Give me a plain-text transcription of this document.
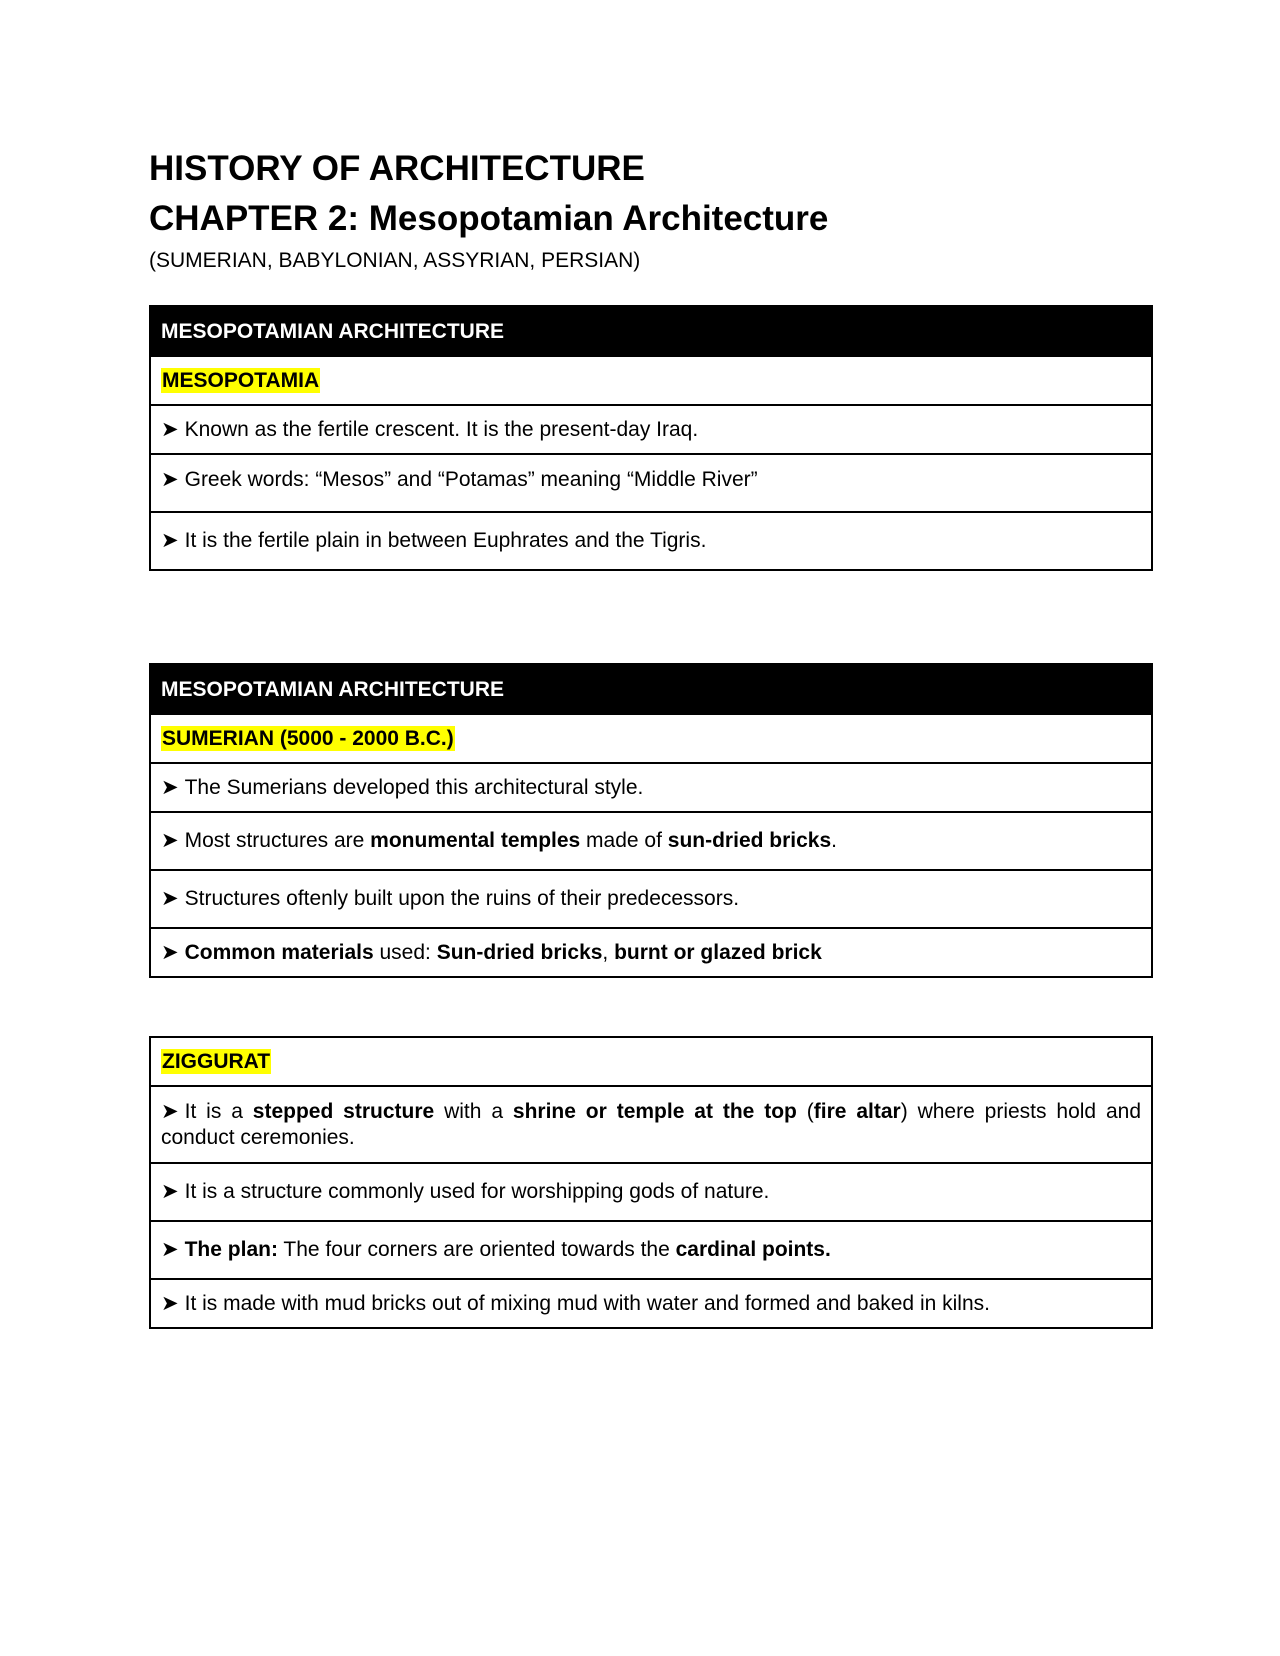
HISTORY OF ARCHITECTURE
CHAPTER 2: Mesopotamian Architecture
(SUMERIAN, BABYLONIAN, ASSYRIAN, PERSIAN)
MESOPOTAMIAN ARCHITECTURE
MESOPOTAMIA
➤ Known as the fertile crescent. It is the present-day Iraq.
➤ Greek words: “Mesos” and “Potamas” meaning “Middle River”
➤ It is the fertile plain in between Euphrates and the Tigris.
MESOPOTAMIAN ARCHITECTURE
SUMERIAN (5000 - 2000 B.C.)
➤ The Sumerians developed this architectural style.
➤ Most structures are monumental temples made of sun-dried bricks.
➤ Structures oftenly built upon the ruins of their predecessors.
➤ Common materials used: Sun-dried bricks, burnt or glazed brick
ZIGGURAT
➤ It is a stepped structure with a shrine or temple at the top (fire altar) where priests hold and conduct ceremonies.
➤ It is a structure commonly used for worshipping gods of nature.
➤ The plan: The four corners are oriented towards the cardinal points.
➤ It is made with mud bricks out of mixing mud with water and formed and baked in kilns.
